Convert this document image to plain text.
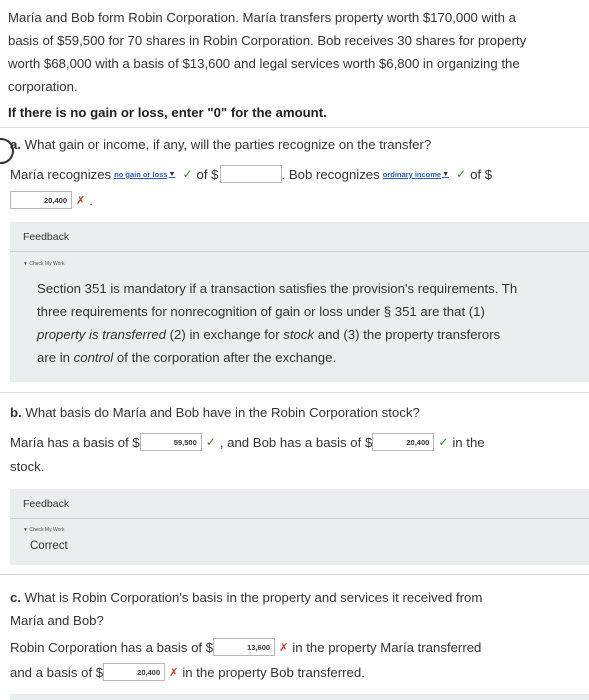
María and Bob form Robin Corporation. María transfers property worth $170,000 with a basis of $59,500 for 70 shares in Robin Corporation. Bob receives 30 shares for property worth $68,000 with a basis of $13,600 and legal services worth $6,800 in organizing the corporation.
If there is no gain or loss, enter "0" for the amount.
a. What gain or income, if any, will the parties recognize on the transfer?
María recognizes no gain or loss ▼ ✓ of $	. Bob recognizes ordinary income ▼ ✓ of $
20,400 ✗ .
Feedback
▼ Check My Work
Section 351 is mandatory if a transaction satisfies the provision's requirements. Th
three requirements for nonrecognition of gain or loss under § 351 are that (1)
property is transferred (2) in exchange for stock and (3) the property transferors
are in control of the corporation after the exchange.
b. What basis do María and Bob have in the Robin Corporation stock?
María has a basis of $	59,500 ✓ , and Bob has a basis of $	20,400 ✓ in the
stock.
Feedback
▼ Check My Work
Correct
c. What is Robin Corporation's basis in the property and services it received from
María and Bob?
Robin Corporation has a basis of $	13,600 ✗ in the property María transferred
and a basis of $	20,400 ✗ in the property Bob transferred.
